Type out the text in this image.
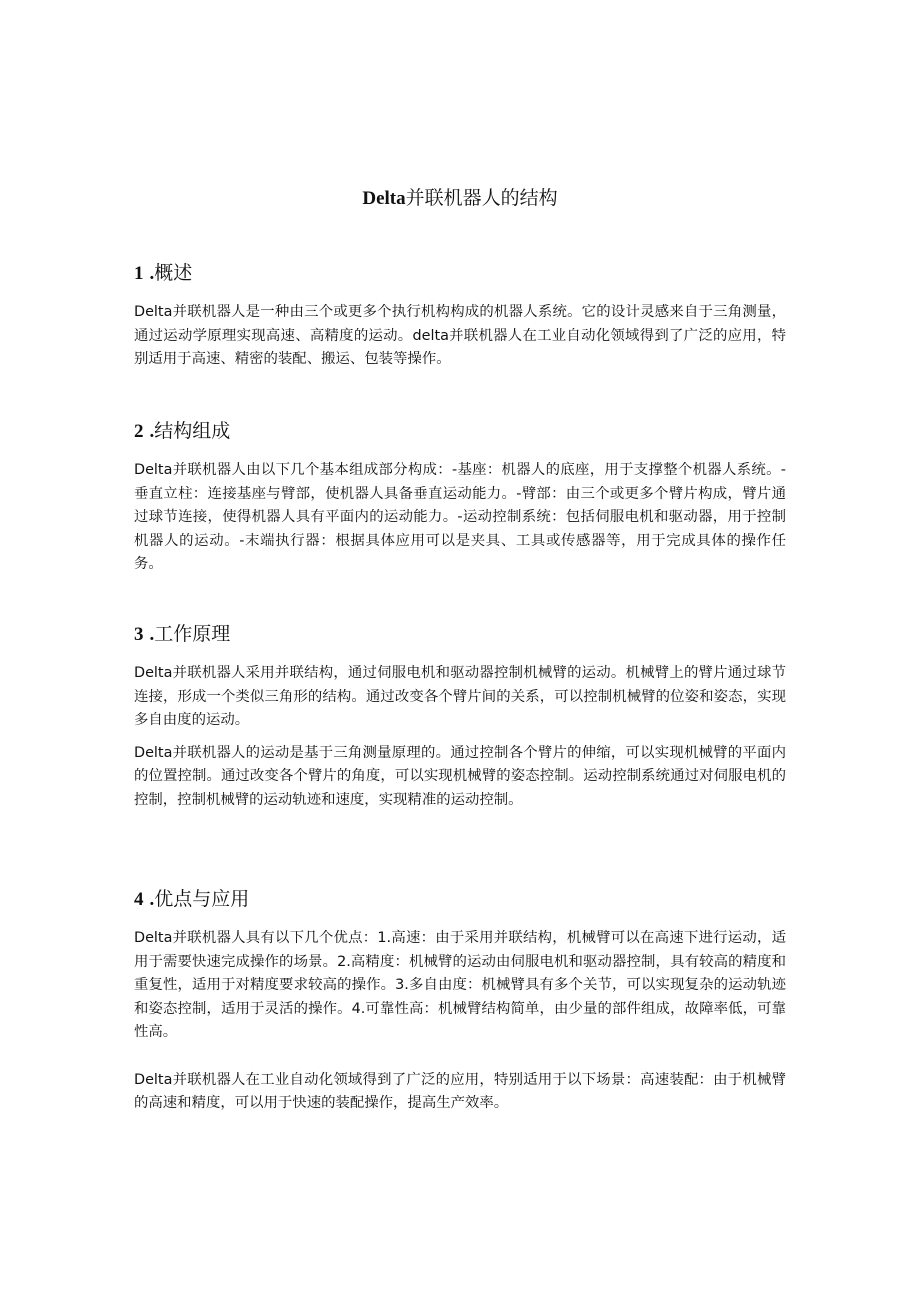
Delta并联机器人的结构
1 .概述

Delta并联机器人是一种由三个或更多个执行机构构成的机器人系统。它的设计灵感来自于三角测量，通过运动学原理实现高速、高精度的运动。delta并联机器人在工业自动化领域得到了广泛的应用，特别适用于高速、精密的装配、搬运、包装等操作。

2 .结构组成

Delta并联机器人由以下几个基本组成部分构成：-基座：机器人的底座，用于支撑整个机器人系统。-垂直立柱：连接基座与臂部，使机器人具备垂直运动能力。-臂部：由三个或更多个臂片构成，臂片通过球节连接，使得机器人具有平面内的运动能力。-运动控制系统：包括伺服电机和驱动器，用于控制机器人的运动。-末端执行器：根据具体应用可以是夹具、工具或传感器等，用于完成具体的操作任务。

3 .工作原理

Delta并联机器人采用并联结构，通过伺服电机和驱动器控制机械臂的运动。机械臂上的臂片通过球节连接，形成一个类似三角形的结构。通过改变各个臂片间的关系，可以控制机械臂的位姿和姿态，实现多自由度的运动。

Delta并联机器人的运动是基于三角测量原理的。通过控制各个臂片的伸缩，可以实现机械臂的平面内的位置控制。通过改变各个臂片的角度，可以实现机械臂的姿态控制。运动控制系统通过对伺服电机的控制，控制机械臂的运动轨迹和速度，实现精准的运动控制。

4 .优点与应用

Delta并联机器人具有以下几个优点：1.高速：由于采用并联结构，机械臂可以在高速下进行运动，适用于需要快速完成操作的场景。2.高精度：机械臂的运动由伺服电机和驱动器控制，具有较高的精度和重复性，适用于对精度要求较高的操作。3.多自由度：机械臂具有多个关节，可以实现复杂的运动轨迹和姿态控制，适用于灵活的操作。4.可靠性高：机械臂结构简单，由少量的部件组成，故障率低，可靠性高。

Delta并联机器人在工业自动化领域得到了广泛的应用，特别适用于以下场景：高速装配：由于机械臂的高速和精度，可以用于快速的装配操作，提高生产效率。
